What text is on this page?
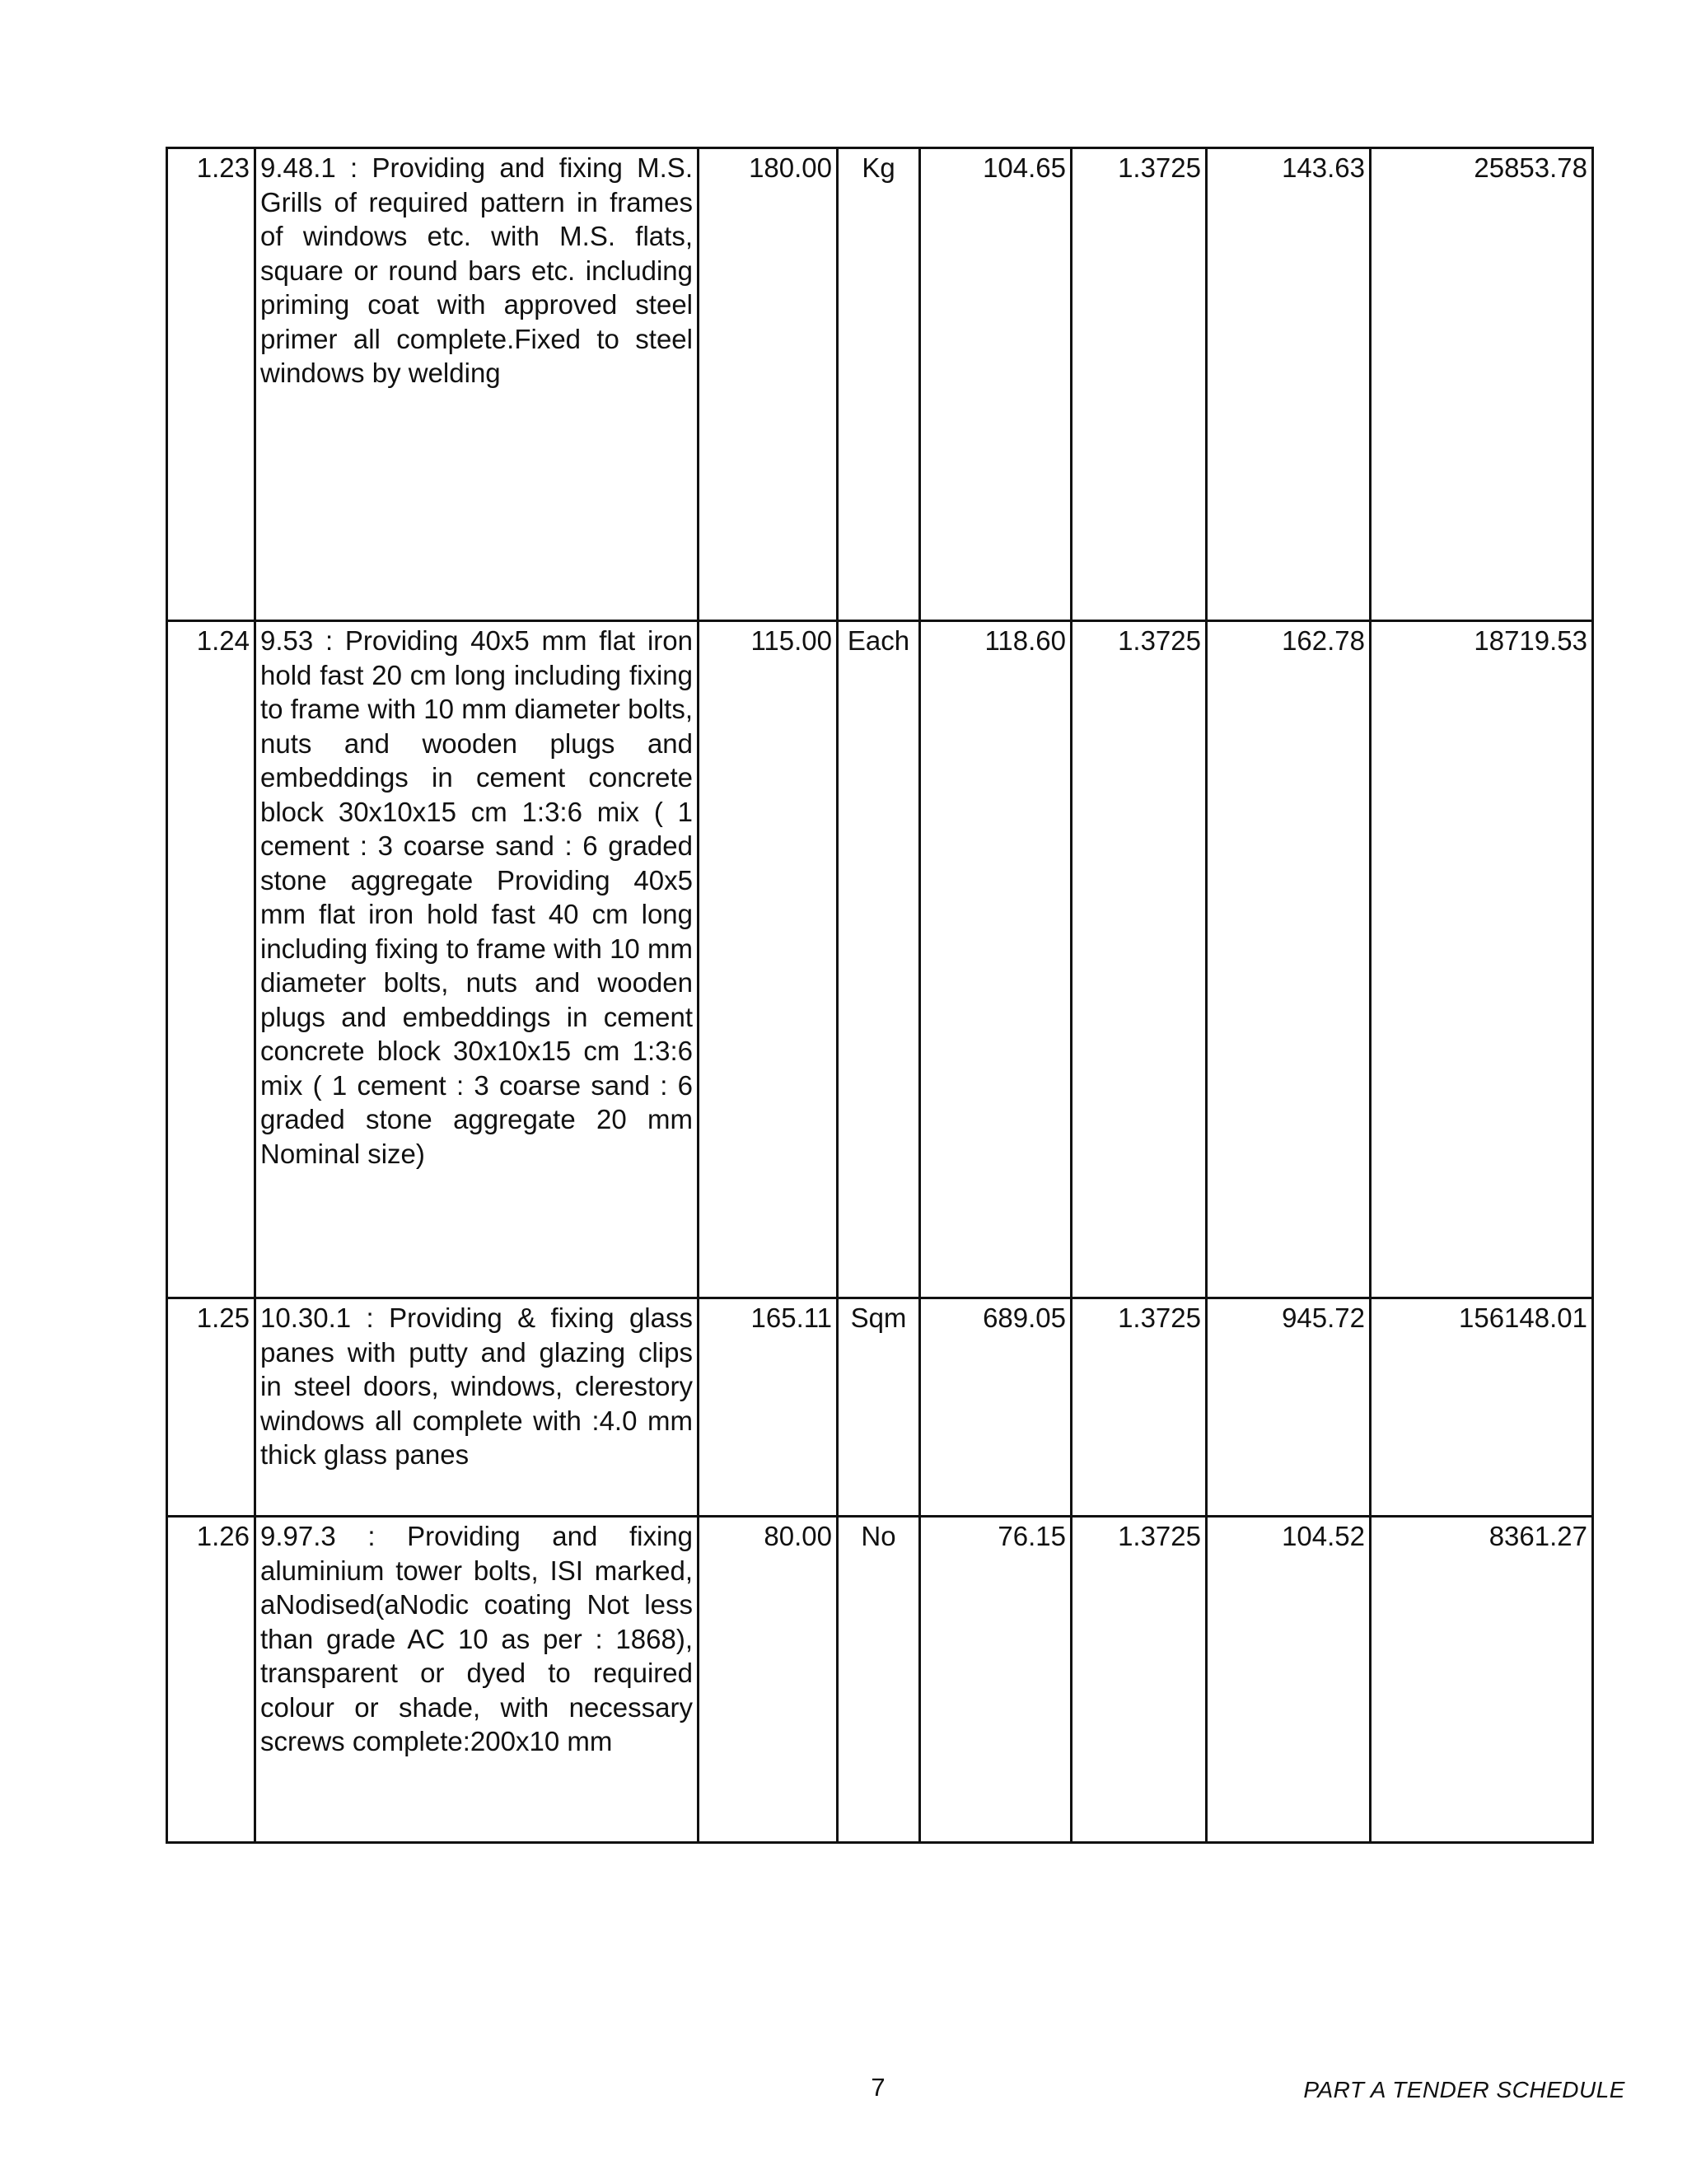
1.23	9.48.1 : Providing and fixing M.S. Grills of required pattern in frames of windows etc. with M.S. flats, square or round bars etc. including priming coat with approved steel primer all complete.Fixed to steel windows by welding	180.00	Kg	104.65	1.3725	143.63	25853.78
1.24	9.53 : Providing 40x5 mm flat iron hold fast 20 cm long including fixing to frame with 10 mm diameter bolts, nuts and wooden plugs and embeddings in cement concrete block 30x10x15 cm 1:3:6 mix ( 1 cement : 3 coarse sand : 6 graded stone aggregate Providing 40x5 mm flat iron hold fast 40 cm long including fixing to frame with 10 mm diameter bolts, nuts and wooden plugs and embeddings in cement concrete block 30x10x15 cm 1:3:6 mix ( 1 cement : 3 coarse sand : 6 graded stone aggregate 20 mm Nominal size)	115.00	Each	118.60	1.3725	162.78	18719.53
1.25	10.30.1 : Providing & fixing glass panes with putty and glazing clips in steel doors, windows, clerestory windows all complete with :4.0 mm thick glass panes	165.11	Sqm	689.05	1.3725	945.72	156148.01
1.26	9.97.3 : Providing and fixing aluminium tower bolts, ISI marked, aNodised(aNodic coating Not less than grade AC 10 as per : 1868), transparent or dyed to required colour or shade, with necessary screws complete:200x10 mm	80.00	No	76.15	1.3725	104.52	8361.27
7	PART A TENDER SCHEDULE
